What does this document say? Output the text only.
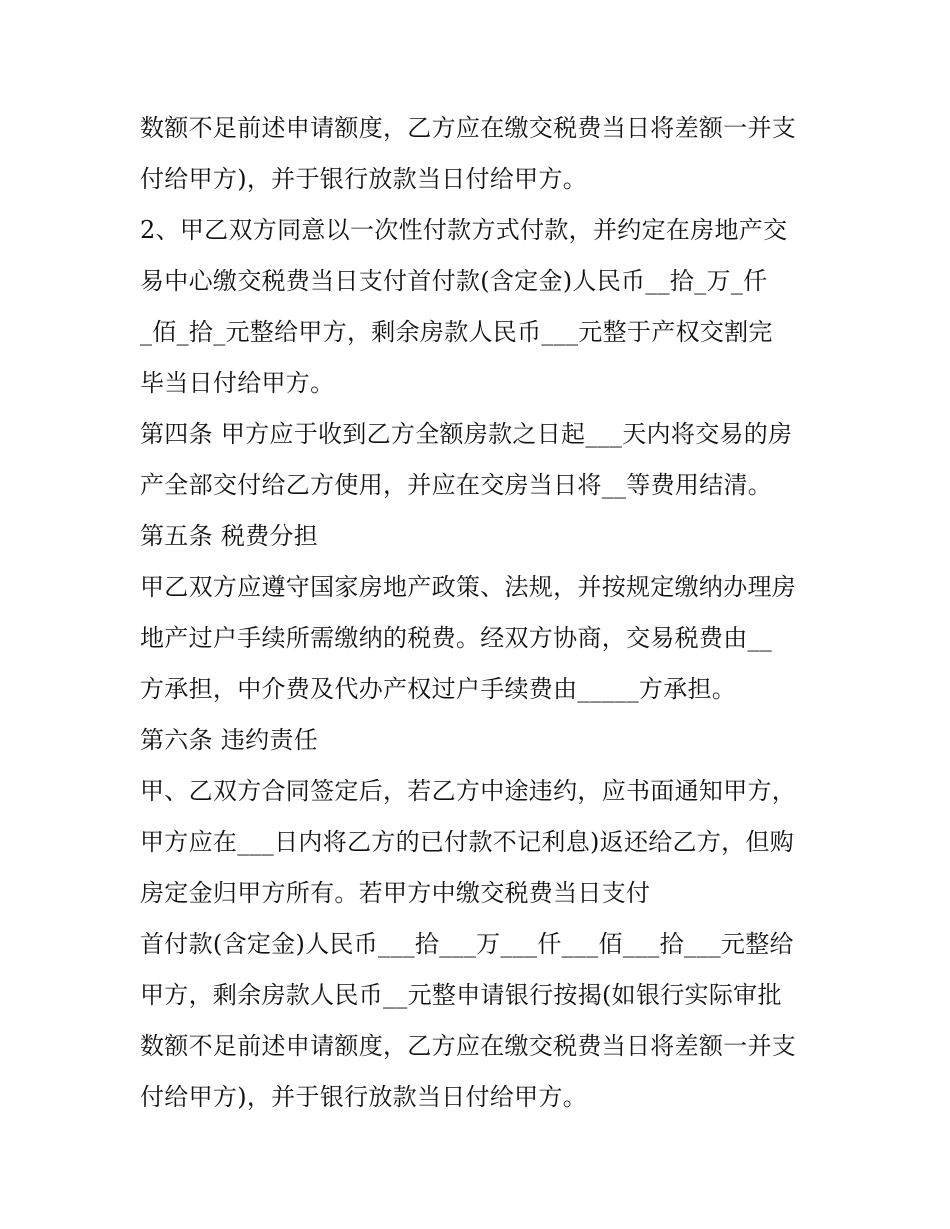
数额不足前述申请额度，乙方应在缴交税费当日将差额一并支
付给甲方)，并于银行放款当日付给甲方。
2、甲乙双方同意以一次性付款方式付款，并约定在房地产交
易中心缴交税费当日支付首付款(含定金)人民币__拾_万_仟
_佰_拾_元整给甲方，剩余房款人民币___元整于产权交割完
毕当日付给甲方。
第四条 甲方应于收到乙方全额房款之日起___天内将交易的房
产全部交付给乙方使用，并应在交房当日将__等费用结清。
第五条 税费分担
甲乙双方应遵守国家房地产政策、法规，并按规定缴纳办理房
地产过户手续所需缴纳的税费。经双方协商，交易税费由__
方承担，中介费及代办产权过户手续费由_____方承担。
第六条 违约责任
甲、乙双方合同签定后，若乙方中途违约，应书面通知甲方，
甲方应在___日内将乙方的已付款不记利息)返还给乙方，但购
房定金归甲方所有。若甲方中缴交税费当日支付
首付款(含定金)人民币___拾___万___仟___佰___拾___元整给
甲方，剩余房款人民币__元整申请银行按揭(如银行实际审批
数额不足前述申请额度，乙方应在缴交税费当日将差额一并支
付给甲方)，并于银行放款当日付给甲方。
